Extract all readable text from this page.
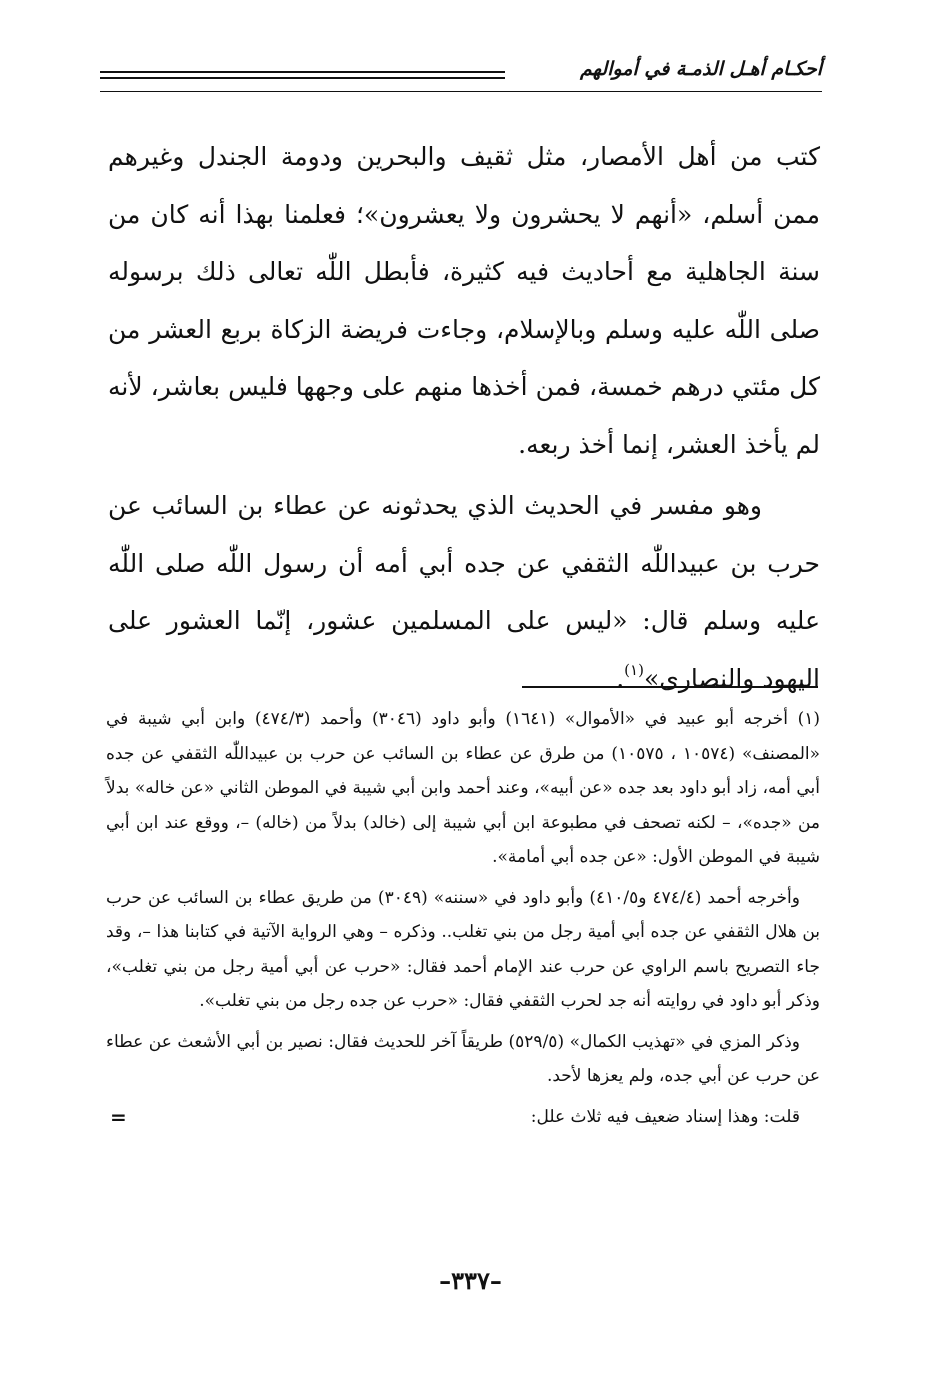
أحكـام أهـل الذمـة في أموالهم

كتب من أهل الأمصار، مثل ثقيف والبحرين ودومة الجندل وغيرهم ممن أسلم، «أنهم لا يحشرون ولا يعشرون»؛ فعلمنا بهذا أنه كان من سنة الجاهلية مع أحاديث فيه كثيرة، فأبطل اللّٰه تعالى ذلك برسوله صلى اللّٰه عليه وسلم وبالإسلام، وجاءت فريضة الزكاة بربع العشر من كل مئتي درهم خمسة، فمن أخذها منهم على وجهها فليس بعاشر، لأنه لم يأخذ العشر، إنما أخذ ربعه.

وهو مفسر في الحديث الذي يحدثونه عن عطاء بن السائب عن حرب بن عبيداللّٰه الثقفي عن جده أبي أمه أن رسول اللّٰه صلى اللّٰه عليه وسلم قال: «ليس على المسلمين عشور، إنّما العشور على اليهود والنصارى»$^{(١)}$.

(١) أخرجه أبو عبيد في «الأموال» (١٦٤١) وأبو داود (٣٠٤٦) وأحمد (٤٧٤/٣) وابن أبي شيبة في «المصنف» (١٠٥٧٤ ، ١٠٥٧٥) من طرق عن عطاء بن السائب عن حرب بن عبيداللّٰه الثقفي عن جده أبي أمه، زاد أبو داود بعد جده «عن أبيه»، وعند أحمد وابن أبي شيبة في الموطن الثاني «عن خاله» بدلاً من «جده»، – لكنه تصحف في مطبوعة ابن أبي شيبة إلى (خالد) بدلاً من (خاله) –، ووقع عند ابن أبي شيبة في الموطن الأول: «عن جده أبي أمامة».

وأخرجه أحمد (٤٧٤/٤ و٤١٠/٥) وأبو داود في «سننه» (٣٠٤٩) من طريق عطاء بن السائب عن حرب بن هلال الثقفي عن جده أبي أمية رجل من بني تغلب.. وذكره – وهي الرواية الآتية في كتابنا هذا –، وقد جاء التصريح باسم الراوي عن حرب عند الإمام أحمد فقال: «حرب عن أبي أمية رجل من بني تغلب»، وذكر أبو داود في روايته أنه جد لحرب الثقفي فقال: «حرب عن جده رجل من بني تغلب».

وذكر المزي في «تهذيب الكمال» (٥٢٩/٥) طريقاً آخر للحديث فقال: نصير بن أبي الأشعث عن عطاء عن حرب عن أبي جده، ولم يعزها لأحد.

قلت: وهذا إسناد ضعيف فيه ثلاث علل:
=

–٣٣٧–
